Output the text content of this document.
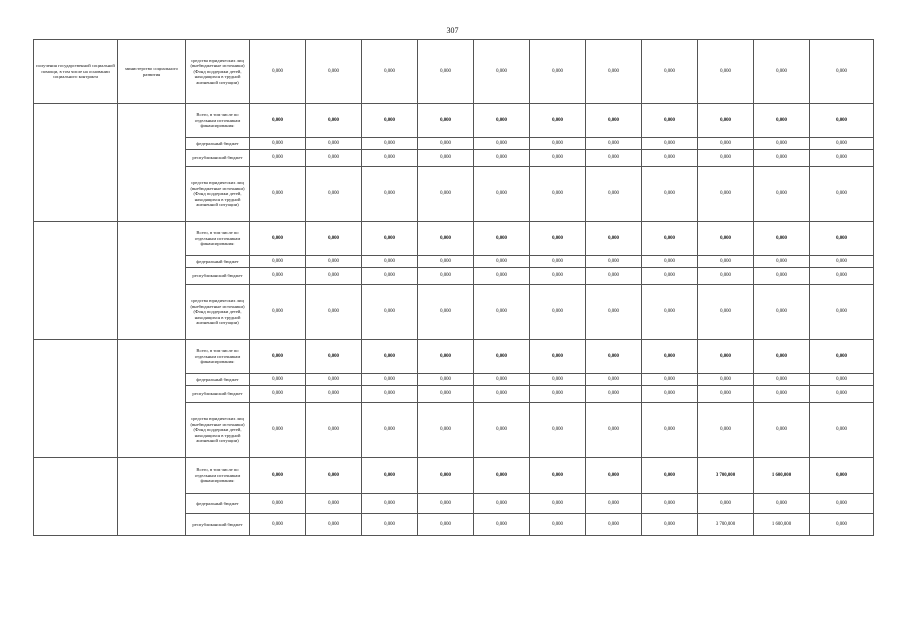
307
получения государственной социальной помощи, в том числе на основании социального контракта	министерство социального развития	средства юридических лиц (внебюджетные источники) (Фонд поддержки детей, находящихся в трудной жизненной ситуации)	0,000	0,000	0,000	0,000	0,000	0,000	0,000	0,000	0,000	0,000	0,000
		Всего, в том числе по отдельным источникам финансирования:	0,000	0,000	0,000	0,000	0,000	0,000	0,000	0,000	0,000	0,000	0,000
		федеральный бюджет	0,000	0,000	0,000	0,000	0,000	0,000	0,000	0,000	0,000	0,000	0,000
		республиканский бюджет	0,000	0,000	0,000	0,000	0,000	0,000	0,000	0,000	0,000	0,000	0,000
		средства юридических лиц (внебюджетные источники) (Фонд поддержки детей, находящихся в трудной жизненной ситуации)	0,000	0,000	0,000	0,000	0,000	0,000	0,000	0,000	0,000	0,000	0,000
		Всего, в том числе по отдельным источникам финансирования:	0,000	0,000	0,000	0,000	0,000	0,000	0,000	0,000	0,000	0,000	0,000
		федеральный бюджет	0,000	0,000	0,000	0,000	0,000	0,000	0,000	0,000	0,000	0,000	0,000
		республиканский бюджет	0,000	0,000	0,000	0,000	0,000	0,000	0,000	0,000	0,000	0,000	0,000
		средства юридических лиц (внебюджетные источники) (Фонд поддержки детей, находящихся в трудной жизненной ситуации)	0,000	0,000	0,000	0,000	0,000	0,000	0,000	0,000	0,000	0,000	0,000
		Всего, в том числе по отдельным источникам финансирования:	0,000	0,000	0,000	0,000	0,000	0,000	0,000	0,000	0,000	0,000	0,000
		федеральный бюджет	0,000	0,000	0,000	0,000	0,000	0,000	0,000	0,000	0,000	0,000	0,000
		республиканский бюджет	0,000	0,000	0,000	0,000	0,000	0,000	0,000	0,000	0,000	0,000	0,000
		средства юридических лиц (внебюджетные источники) (Фонд поддержки детей, находящихся в трудной жизненной ситуации)	0,000	0,000	0,000	0,000	0,000	0,000	0,000	0,000	0,000	0,000	0,000
		Всего, в том числе по отдельным источникам финансирования:	0,000	0,000	0,000	0,000	0,000	0,000	0,000	0,000	3 700,000	1 600,000	0,000
		федеральный бюджет	0,000	0,000	0,000	0,000	0,000	0,000	0,000	0,000	0,000	0,000	0,000
		республиканский бюджет	0,000	0,000	0,000	0,000	0,000	0,000	0,000	0,000	3 700,000	1 600,000	0,000
